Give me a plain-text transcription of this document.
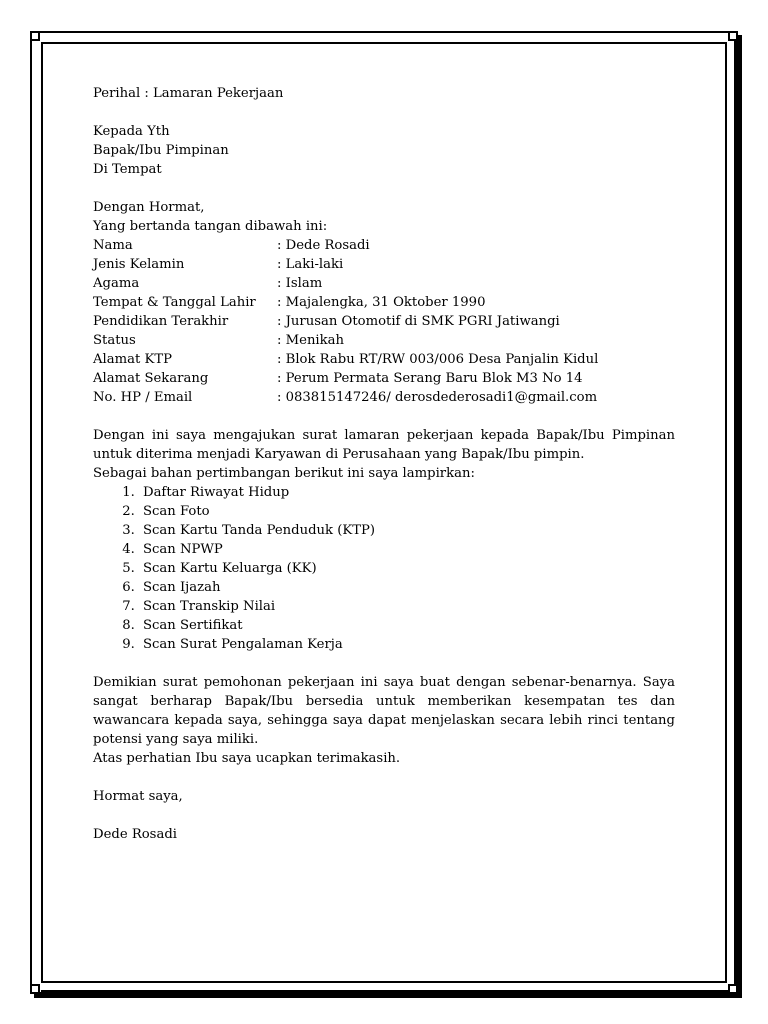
Perihal : Lamaran Pekerjaan
Kepada Yth
Bapak/Ibu Pimpinan
Di Tempat
Dengan Hormat,
Yang bertanda tangan dibawah ini:
Nama	: Dede Rosadi
Jenis Kelamin	: Laki-laki
Agama	: Islam
Tempat & Tanggal Lahir	: Majalengka, 31 Oktober 1990
Pendidikan Terakhir	: Jurusan Otomotif di SMK PGRI Jatiwangi
Status	: Menikah
Alamat KTP	: Blok Rabu RT/RW 003/006 Desa Panjalin Kidul
Alamat Sekarang	: Perum Permata Serang Baru Blok M3 No 14
No. HP / Email	: 083815147246/ derosdederosadi1@gmail.com
Dengan ini saya mengajukan surat lamaran pekerjaan kepada Bapak/Ibu Pimpinan untuk diterima menjadi Karyawan di Perusahaan yang Bapak/Ibu pimpin.
Sebagai bahan pertimbangan berikut ini saya lampirkan:
1. Daftar Riwayat Hidup
2. Scan Foto
3. Scan Kartu Tanda Penduduk (KTP)
4. Scan NPWP
5. Scan Kartu Keluarga (KK)
6. Scan Ijazah
7. Scan Transkip Nilai
8. Scan Sertifikat
9. Scan Surat Pengalaman Kerja
Demikian surat pemohonan pekerjaan ini saya buat dengan sebenar-benarnya. Saya sangat berharap Bapak/Ibu bersedia untuk memberikan kesempatan tes dan wawancara kepada saya, sehingga saya dapat menjelaskan secara lebih rinci tentang potensi yang saya miliki.
Atas perhatian Ibu saya ucapkan terimakasih.
Hormat saya,
Dede Rosadi
